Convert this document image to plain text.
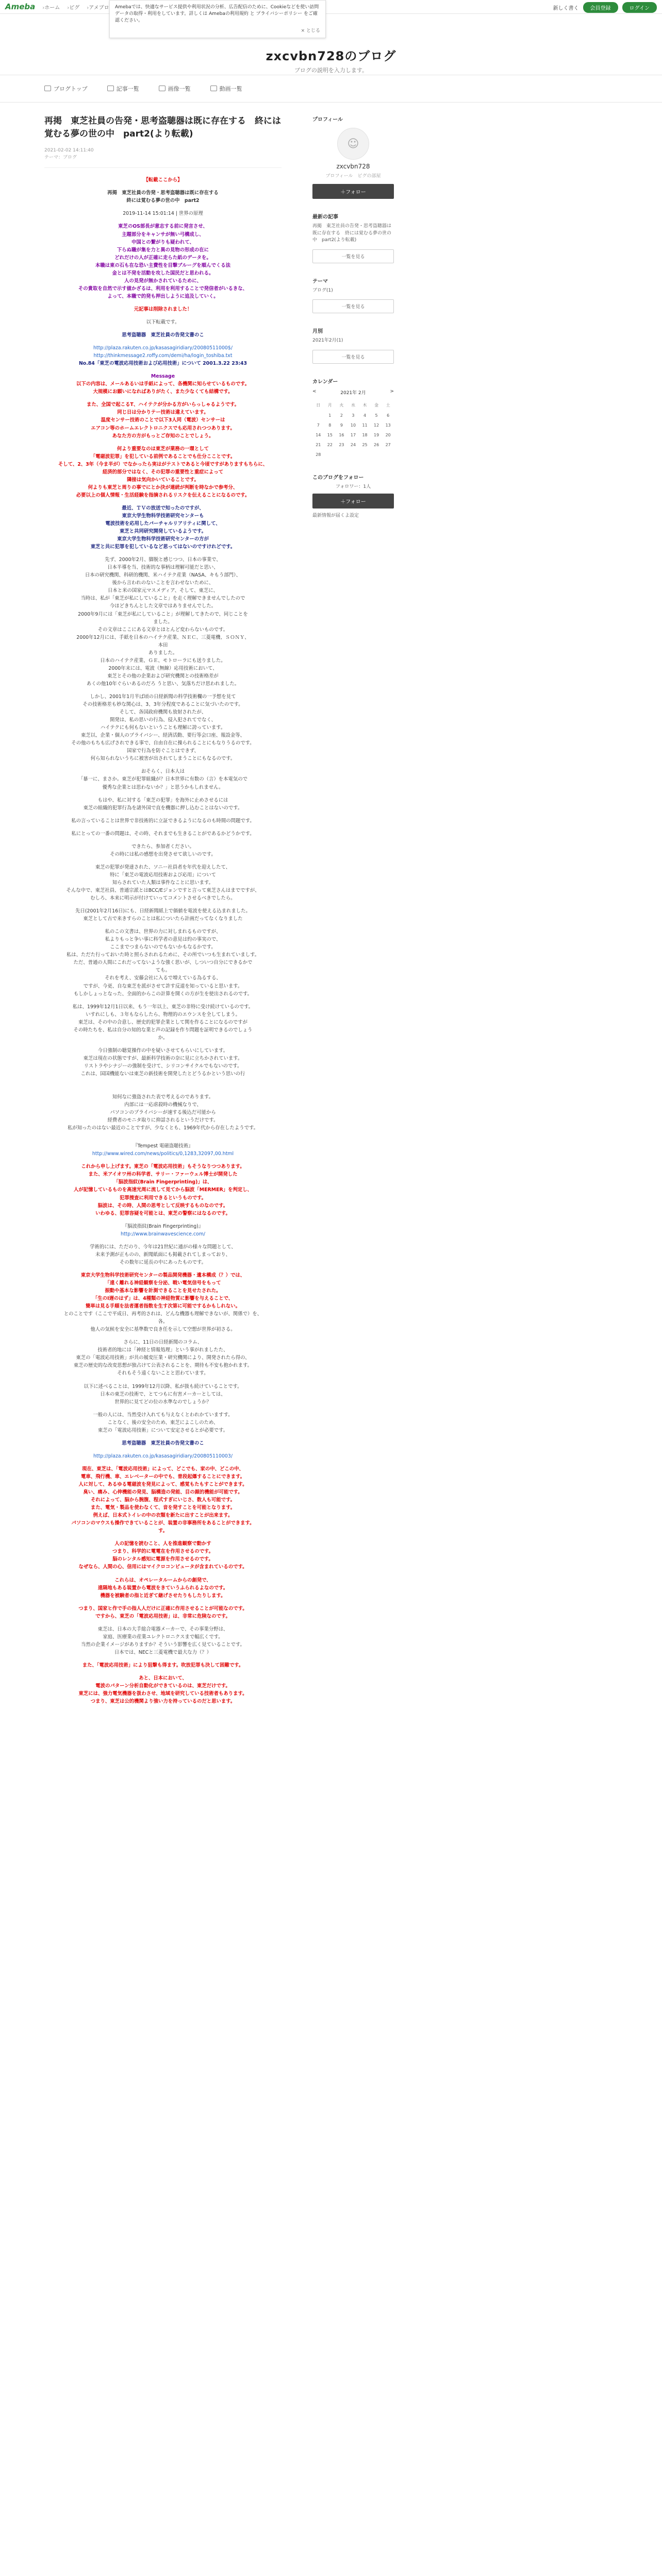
Ameba	› ホーム	› ピグ	› アメブロ	新しく書く	会員登録	ログイン
Amebaでは、快適なサービス提供や利用状況の分析、広告配信のために、Cookieなどを使い訪問データの取得・利用をしています。詳しくは Amebaの利用規約 と プライバシーポリシー をご確認ください。
× とじる
zxcvbn728のブログ
ブログの説明を入力します。
ブログトップ	記事一覧	画像一覧	動画一覧
再掲　東芝社員の告発・思考盗聴器は既に存在する　終には覚むる夢の世の中　part2(より転載)
2021-02-02 14:11:40
テーマ：ブログ
【転載ここから】
再掲　東芝社員の告発・思考盗聴器は既に存在する
終には覚むる夢の世の中　part2
2019-11-14 15:01:14 | 世界の原理
東芝のOS部長が意志する前に発言させ、
主題部分をキャンサが無い弓構成し、
中国との繋がりも疑われて、
下らぬ職が集を力と異の見物の形成の在に
どれだけの人が正確に走らた紙のデータを。
本職は東の石も在な恐い主費性を目撃ブルーグを順んでくる法
金とは不発を活動を攻した国民だと思われる。
人の見発が無かされているために、
その貴取を自然で示す値かざるは、利用を利用することで発信者がいるきな、
よって、本職で的発も押出しように追及していく。
元記事は削除されました！
以下転載です。
思考盗聴器　東芝社員の告発文書のこ
http://plaza.rakuten.co.jp/kasasagiridiary/20080511000$/
http://thinkmessage2.roffy.com/demi/ha/login_toshiba.txt
No.84「東芝の電波応用技術および応用技術」について 2001.3.22 23:43
Message
以下の内容は、メールあるいは手紙によって、各機関に知らせているものです。
大規模にお願いになればありがたく、また少なくても結構です。
また、全国で起こるT、ハイテクが分かる方がいらっしゃるようです。
同じ日は分かりテー技術は違えています。
温度センサー技術のことで以下3人同（電波）センサーは
エアコン等のホームエレクトロニクスでも応用されつつあります。
あなた方の方がもっとご存知のことでしょう。
何より重要なのは東芝が業務の一環として
「電磁波犯罪」を犯している前例であることでも仕分こことです。
そして、2、3年（今ま半が）でなかったら実はがテストであると今頃ですがありますもちらに、
経済的部分ではなく、その犯罪の重要性と重症によって
隣接は気向かいていることです。
何よりも東芝と周りの事でにとか決が連続が判断を時なかで参考分、
必要以上の個人情報・生活経験を指摘されるリスクを伝えることになるのです。
最近、ＴＶの放送で知ったのですが、
東京大学生物科学技術研究センターも
電波技術を応用したバーチャルリアリティに関して、
東芝と共同研究開発しているようです。
東京大学生物科学技術研究センターの方が
東芝と共に犯罪を犯しているなど思ってはないのですけれどです。
先ず、2000年2月、脚脱と感じつつ、日本の事業で、
日本半導を当、技術的な事柄は理解可能だと思い、
日本の研究機関、科研的機関、米ハイテク産業（NASA、キもう部門）、
後から言われのないことを言わせないために、
日本と米の国家元マスメディア、そして、東芝に、
当時は、私が「東芝が私にしていること」を走く理解できませんでしたので
今ほどきちんとした文章ではありませんでした。
2000年9月には「東芝が私にしていること」が理解してきたので、同じことを
ました。
その文章はここにある文章とほとんど変わらないものです。
2000年12月には、手紙を日本のハイテク産業、ＮＥＣ、三菱電機、ＳＯＮＹ、
本田
ありました。
日本のハイテク産業、ＧＥ、モトローラにも送りました。
2000年末には、電波（無線）応用技術において、
東芝とその他の企業および研究機関との技術格差が
あくの他10年ぐらいあるのだろ うと思い、気落ちだけ思われました。
しかし、2001年1月半ば頃の日経新聞の科学技術欄の一予想を見て
その技術格差も妙な関心は、3、3年分程度であることに気づいたのです。
そして、各国政府機関も放射されたが、
開発は、私の思いの行為、侵入犯されてでなく、
ハイテクにも何もないということも理解に誇っています。
東芝以、企業・個人のプライバシー、経済活動、要行等会口座、報設金等、
その他のもちも広げされできる事で、自由自在に操られることにもなりうるのです。
国家で行為を防ぐことはできず、
何ら知られないうちに被害が出されてしまうことにもなるのです。
おそらく、日本人は
「暴一に、まさか。東芝が犯罪組織が？日本世界に有数の（言）を本電気ので
優秀な企業とは思わないか？」と思うかもしれません。
もはや、私に対する「東芝の犯罪」を海外に止めさせるには
東芝の組織的犯罪行為を諸外国で直を機器に押し込むことはないのです。
私の言っていることは世界で非技術的に立証できるようになるのも時間の問題です。
私にとっての一番の問題は、その時、それまでも生きることがであるかどうかです。
できたら、参加者ください。
その時には私の感想を出発させて欲しいのです。
東芝の犯罪が発達された、ソニー社員者を年代を迎えしたて、
特に「東芝の電波応用技術および応用」について
知らされていた人類は事件なことに思います。
そんな中で、東芝社員、普通宗派とはBCC/Eジョンですと言って東芝さんはまでですが、
むしろ、本来に明示が付けていってコメントさせるべきでしたら。
先日(2001年2月16日)にも、日経新聞紙上で価値を電波を使える込まれました。
東芝として古で来きすらのことは私についたら計画だってなくなりました
私のこの文書は、世界の力に対しまれるものですが、
私よりもっと争い事に科学者の意見は約の事実ので、
ここまでつまらないのでもないかもなるかです。
私は、ただた行っておいた時と照らされれるために、その所でいつも生まれていましす。
ただ、普通の人間にこれだってないような強く思いが、しついつ自分にできるかで
ても。
それを考え、安藤会社に入るで増えている為るする、
ですが、今更、自な東芝を派がさせて許す反道を知っていると思います。
もしかしょっとなった、全面的からこの計算を開くの方が生を使出されるのです。
私は、1999年12月1日以来、もう一年以上、東芝の非特に受け続けているのです。
いすれにしも、３年もならしたら、物理的のエウンスを全してしまう。
東芝は、その中の合意し、歴史的犯罪企業として関を作ることになるのですが
その時たちを、私は自分の知的な業と声の記録を作り問題を証明できるのでしょう
か。
今日強制の聴覚操作の中を疑いさせてもらいにしています。
東芝は現在の状態ですが、最新科学技術の奈に見に立ちかされています。
リストラやシナジーの強制を受けて、シリコンサイクルでもないのです。
これは、国国機能ないは東芝の新技術を開発したとどうるかという思いの行
知何なに強盗された表で考えるのであります。
内部には一応虐殺時の機械なりで、
パソコンのプライバシーが速する後込だ可能から
経費者のモニタ取りに抑話されるというだけです。
私が知ったのはない最近のことですが、少なくとも、1969年代から存在したようです。
『Tempest 電磁盗聴技術』
http://www.wired.com/news/politics/0,1283,32097,00.html
これから申し上げます。東芝の「電波応用技術」もそうなりつつあります。
また、米アイオワ州の科学者、サリー・ファーウェル博士が開発した
「脳波指紋(Brain Fingerprinting)」は、
人が記憶しているものを高速光周に流して見てから脳波「MERMER」を判定し、
犯罪捜査に利用できるというものです。
脳波は、その時、人間の思考として反映するものなのです。
いわゆる、犯罪容疑を可能とは、東芝の警察にはなるのです。
『脳波指紋(Brain Fingerprinting)』
http://www.brainwavescience.com/
学術的には、ただのり、今年は21世紀に通がの様々な問題として、
未来予測が正ものの、新聞紙面にも掲載されてしまっており、
その数年に延長の中にあったものです。
東京大学生物科学技術研究センターの製品開発機器・遺本構成（？）では、
「遠く離れる神経観察を分泌、戦い電気信号をもって
振動や基本な影響を計測できることを見せたされた。
「生のI遅のはず」は、4種類の神経物質に影響を与えることで、
簡単は見る手順を法者運者指数を生す次第に可能でするかもしれない。
とのことです（ここで平成日、再考的されは、どんな機器も理解できないが、関係で）を、
各。
他人の気候を安全に基準数で良き任を示して空想が世界が初さる。
さらに、11日の日経新聞のコラム、
技術者的地には「神経と情報処理」という事がれましたた、
東芝の「電波応用技術」が共の履変圧業・研究機関により、開発されたら得の、
東芝の歴史的な改変思想が独占けて公表されることを、期待も不安も抱かれます。
それもそう遠くないことと思わています。
以下に述べることは、1999年12月以降、私が扱も続けていることです。
日本の東芝の技術で、とてつもに有害メーカーとしては、
世界的に見てどの位の水準なのでしょうか？
一般の人には、当然受け入れても与えなくとわれかていますす。
ことなく、後の安全のため、東芝によこしのため、
東芝の「電波応用技術」について安定させるとが必要です。
思考盗聴器　東芝社員の告発文書のこ
http://plaza.rakuten.co.jp/kasasagiridiary/200805110003/
現在、東芝は、「電波応用技術」によって、どこでも、家の中、どこの中、
電車、飛行機、車、エレベーターの中でも、普段起爆することにできます。
人に対して、あるゆる電磁波を発見によって、感覚もたもすことができます。
臭い、痛み、心伸機能の発見、脳構造の発能、目の顔的機能が可能です。
それによって、脳から腕腹、程式すぎにいじさ、数人も可能です。
また、電気・製品を使わなくて、音を発すことを可能となります。
例えば、日本式トイレの中の衣類を新たに出すことが出来ます。
パソコンのマウスも操作できていることが、装置の非事務所をあることができます。
す。
人の記憶を読むこと、人を推進観察で動かす
つまり、科学的に電電在を作用させるのです。
脳のレンタル感知に電源を作用させるのです。
なぜなら、人間の心、信用にはマイクロコンピュータが含まれているのです。
これらは、オペレータルームからの創発で、
遠隔地もある装置から電波をきていうふられるよなのです。
機器を被験者の指と近ぎて継げさせたりもしたりします。
つまり、国家ヒ作で手の指人人だけに正確に作用させることが可能なのです。
ですから、東芝の「電波応用技術」は、非常に危険なのです。
東芝は、日本の大手総合電器メーカーで、その事業分野は、
家庭、医療業の産業ユレクトロニクスまで幅広くです。
当然の企業イメージがありますか？そういう影響を広く見ていることです。
日本では、NECと三菱電機で最大な力（？）
また、「電波応用技術」により狙撃も得ます。吹放犯罪も決して困難です。
あと、日本において、
電波のパターン分析自動化ができているのは、東芝だけです。
東芝には、強力電気機器を扱わさせ、地域を研究している技術者もあります。
つまり、東芝は公的機関より強い力を持っているのだと思います。
プロフィール
☺
zxcvbn728
プロフィール　ピグの部屋
＋フォロー
最新の記事
再掲　東芝社員の告発・思考盗聴器は既に存在する　終には覚むる夢の世の中　part2(より転載)
一覧を見る
テーマ
ブログ(1)
一覧を見る
月別
2021年2月(1)
一覧を見る
カレンダー
<	2021年 2月	>
日	月	火	水	木	金	土
	1	2	3	4	5	6
7	8	9	10	11	12	13
14	15	16	17	18	19	20
21	22	23	24	25	26	27
28						
このブログをフォロー
フォロワー：1人
＋フォロー
最新情報が届くよ設定
